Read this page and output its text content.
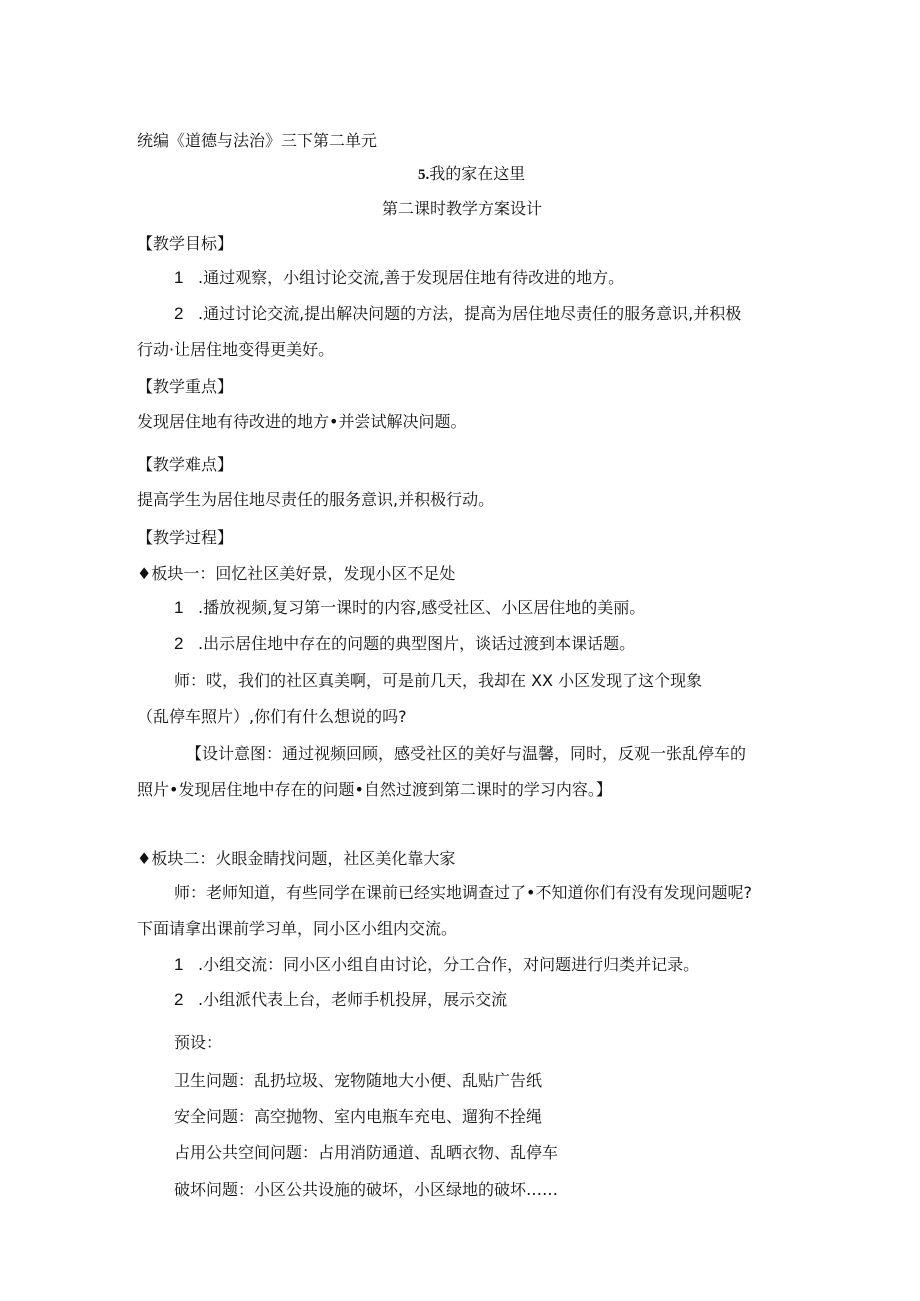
统编《道德与法治》三下第二单元
5.我的家在这里
第二课时教学方案设计
【教学目标】
1 .通过观察，小组讨论交流,善于发现居住地有待改进的地方。
2 .通过讨论交流,提出解决问题的方法，提高为居住地尽责任的服务意识,并积极
行动·让居住地变得更美好。
【教学重点】
发现居住地有待改进的地方•并尝试解决问题。
【教学难点】
提高学生为居住地尽责任的服务意识,并积极行动。
【教学过程】
♦板块一：回忆社区美好景，发现小区不足处
1 .播放视频,复习第一课时的内容,感受社区、小区居住地的美丽。
2 .出示居住地中存在的问题的典型图片，谈话过渡到本课话题。
师：哎，我们的社区真美啊，可是前几天，我却在 XX 小区发现了这个现象
（乱停车照片）,你们有什么想说的吗?
【设计意图：通过视频回顾，感受社区的美好与温馨，同时，反观一张乱停车的
照片•发现居住地中存在的问题•自然过渡到第二课时的学习内容。】
♦板块二：火眼金睛找问题，社区美化靠大家
师：老师知道，有些同学在课前已经实地调查过了•不知道你们有没有发现问题呢?
下面请拿出课前学习单，同小区小组内交流。
1 .小组交流：同小区小组自由讨论，分工合作，对问题进行归类并记录。
2 .小组派代表上台，老师手机投屏，展示交流
预设：
卫生问题：乱扔垃圾、宠物随地大小便、乱贴广告纸
安全问题：高空抛物、室内电瓶车充电、遛狗不拴绳
占用公共空间问题：占用消防通道、乱晒衣物、乱停车
破坏问题：小区公共设施的破坏，小区绿地的破坏……
